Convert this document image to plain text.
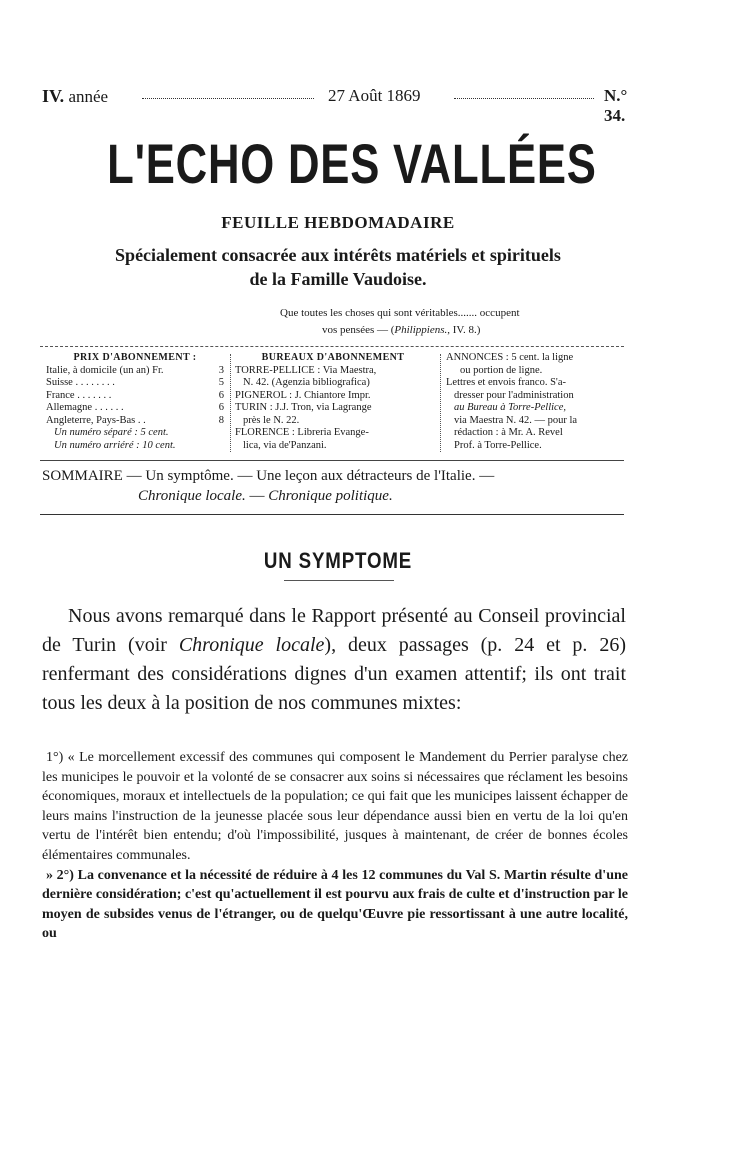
IV. année	27 Août 1869	N.° 34.
L'ECHO DES VALLÉES
FEUILLE HEBDOMADAIRE
Spécialement consacrée aux intérêts matériels et spirituels
de la Famille Vaudoise.
Que toutes les choses qui sont véritables....... occupent
vos pensées — (Philippiens., IV. 8.)
PRIX D'ABONNEMENT :
Italie, à domicile (un an) Fr.	3
Suisse . . . . . . . .	5
France . . . . . . .	6
Allemagne . . . . . .	6
Angleterre, Pays-Bas . .	8
Un numéro séparé : 5 cent.
Un numéro arriéré : 10 cent.
BUREAUX D'ABONNEMENT
TORRE-PELLICE : Via Maestra,
N. 42. (Agenzia bibliografica)
PIGNEROL : J. Chiantore Impr.
TURIN : J.J. Tron, via Lagrange
près le N. 22.
FLORENCE : Libreria Evange-
lica, via de'Panzani.
ANNONCES : 5 cent. la ligne
ou portion de ligne.
Lettres et envois franco. S'a-
dresser pour l'administration
au Bureau à Torre-Pellice,
via Maestra N. 42. — pour la
rédaction : à Mr. A. Revel
Prof. à Torre-Pellice.
SOMMAIRE — Un symptôme. — Une leçon aux détracteurs de l'Italie. —
Chronique locale. — Chronique politique.
UN SYMPTOME

Nous avons remarqué dans le Rapport présenté au Conseil provincial de Turin (voir Chronique locale), deux passages (p. 24 et p. 26) renfermant des considérations dignes d'un examen attentif; ils ont trait tous les deux à la position de nos communes mixtes:

1°) « Le morcellement excessif des communes qui composent le Mandement du Perrier paralyse chez les municipes le pouvoir et la volonté de se consacrer aux soins si nécessaires que réclament les besoins économiques, moraux et intellectuels de la population; ce qui fait que les municipes laissent échapper de leurs mains l'instruction de la jeunesse placée sous leur dépendance aussi bien en vertu de la loi qu'en vertu de l'intérêt bien entendu; d'où l'impossibilité, jusques à maintenant, de créer de bonnes écoles élémentaires communales.

» 2°) La convenance et la nécessité de réduire à 4 les 12 communes du Val S. Martin résulte d'une dernière considération; c'est qu'actuellement il est pourvu aux frais de culte et d'instruction par le moyen de subsides venus de l'étranger, ou de quelqu'Œuvre pie ressortissant à une autre localité, ou
